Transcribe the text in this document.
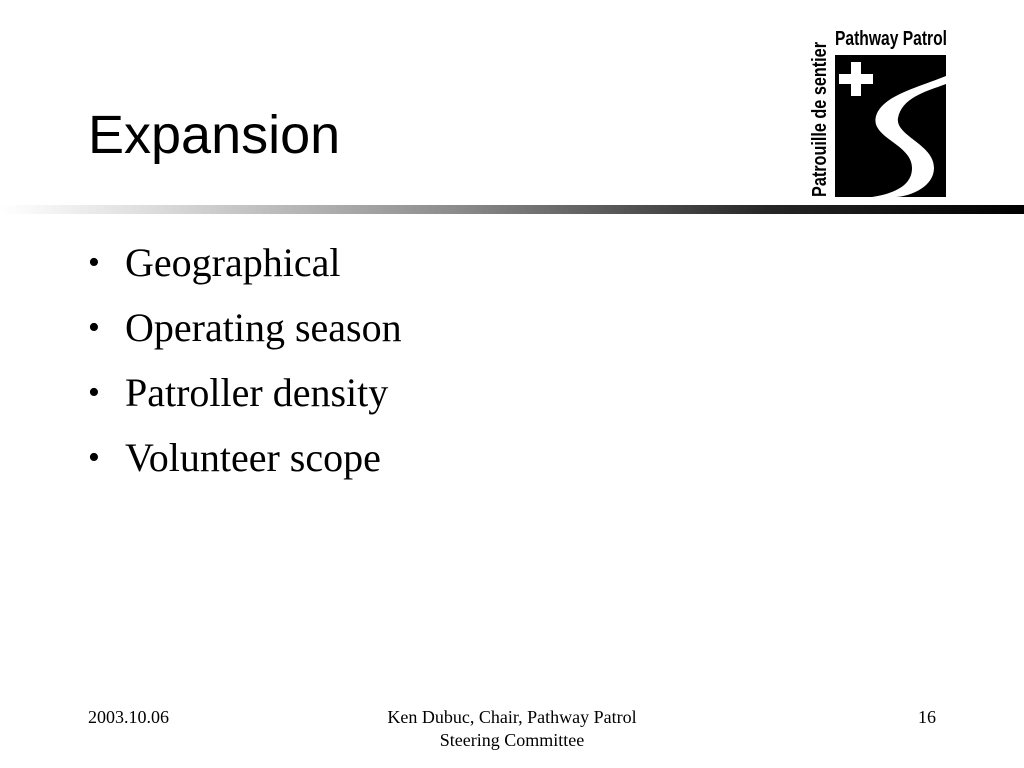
Expansion
Pathway Patrol
Patrouille de sentier
• Geographical
• Operating season
• Patroller density
• Volunteer scope
2003.10.06	Ken Dubuc, Chair, Pathway Patrol
Steering Committee
16
